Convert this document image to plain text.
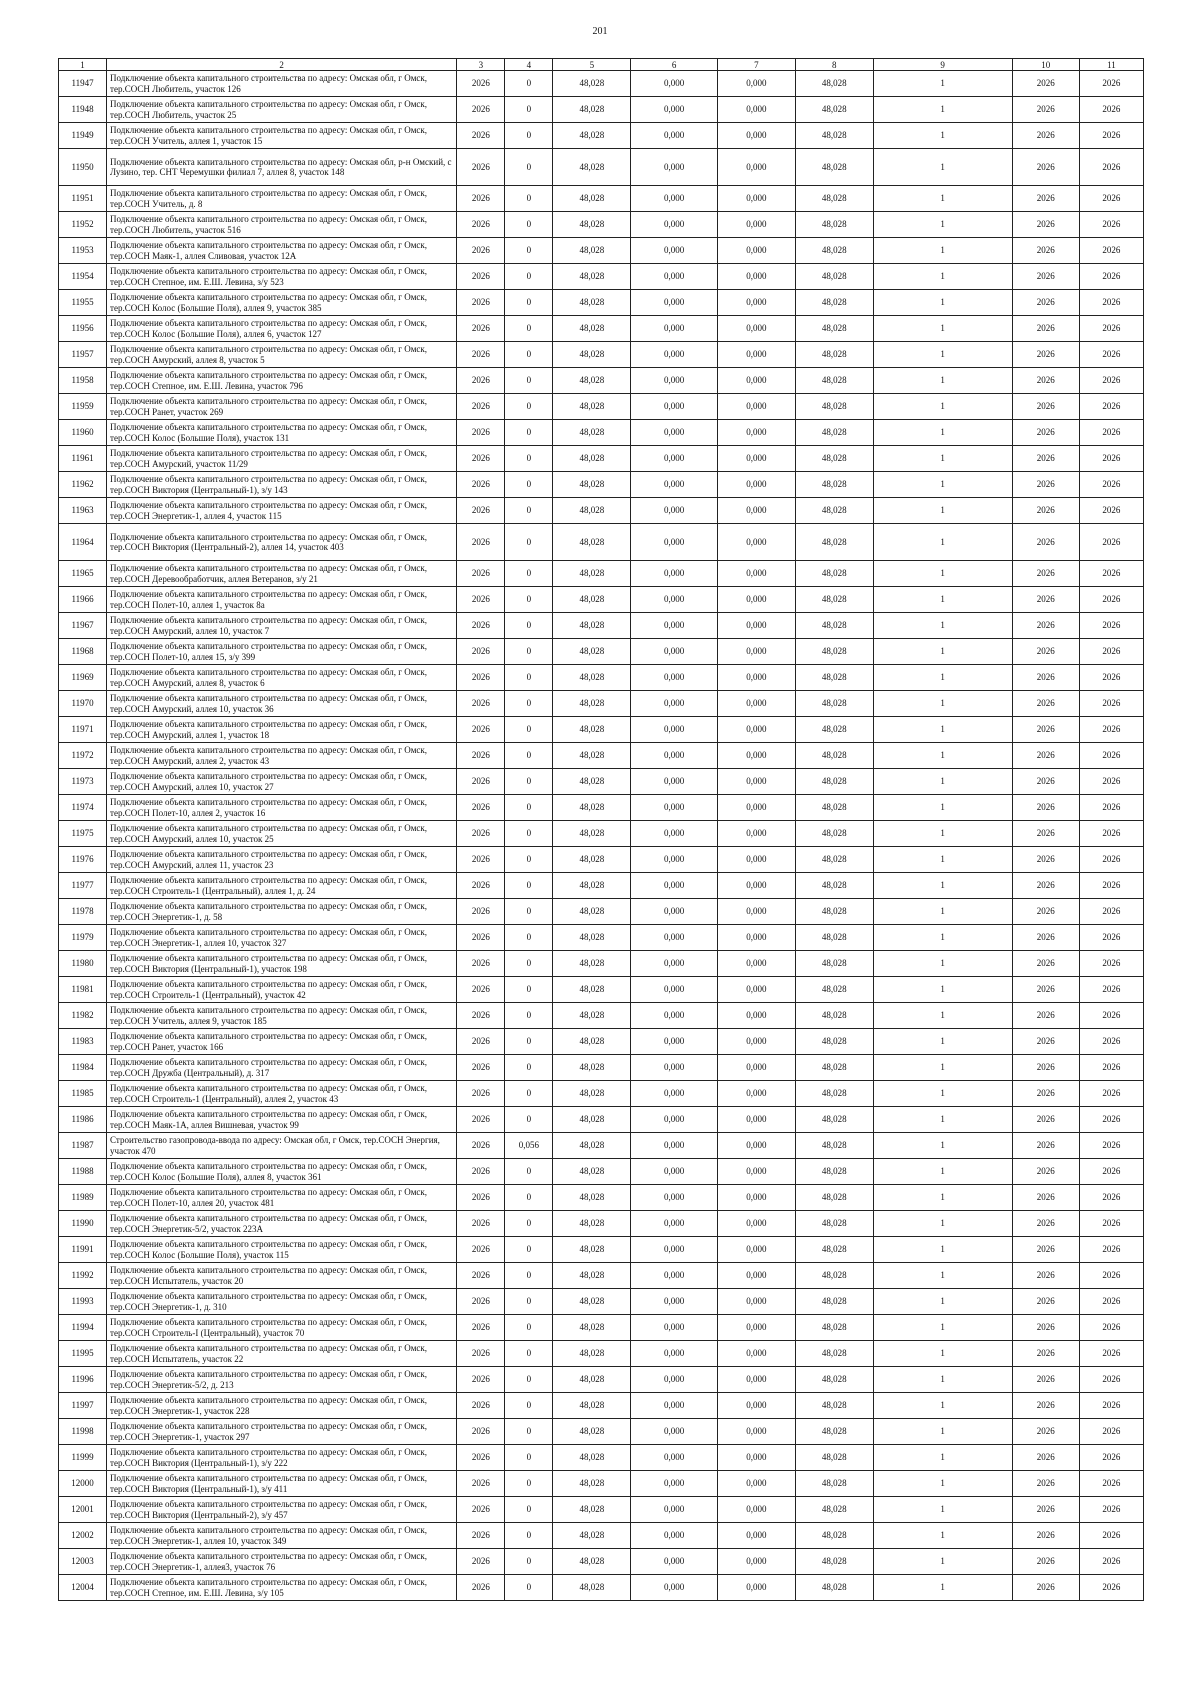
201
1	2	3	4	5	6	7	8	9	10	11
11947	Подключение объекта капитального строительства по адресу: Омская обл, г Омск, тер.СОСН Любитель, участок 126	2026	0	48,028	0,000	0,000	48,028	1	2026	2026
11948	Подключение объекта капитального строительства по адресу: Омская обл, г Омск, тер.СОСН Любитель, участок 25	2026	0	48,028	0,000	0,000	48,028	1	2026	2026
11949	Подключение объекта капитального строительства по адресу: Омская обл, г Омск, тер.СОСН Учитель, аллея 1, участок 15	2026	0	48,028	0,000	0,000	48,028	1	2026	2026
11950	Подключение объекта капитального строительства по адресу: Омская обл, р-н Омский, с Лузино, тер. СНТ Черемушки филиал 7, аллея 8, участок 148	2026	0	48,028	0,000	0,000	48,028	1	2026	2026
11951	Подключение объекта капитального строительства по адресу: Омская обл, г Омск, тер.СОСН Учитель, д. 8	2026	0	48,028	0,000	0,000	48,028	1	2026	2026
11952	Подключение объекта капитального строительства по адресу: Омская обл, г Омск, тер.СОСН Любитель, участок 516	2026	0	48,028	0,000	0,000	48,028	1	2026	2026
11953	Подключение объекта капитального строительства по адресу: Омская обл, г Омск, тер.СОСН Маяк-1, аллея Сливовая, участок 12А	2026	0	48,028	0,000	0,000	48,028	1	2026	2026
11954	Подключение объекта капитального строительства по адресу: Омская обл, г Омск, тер.СОСН Степное, им. Е.Ш. Левина, з/у 523	2026	0	48,028	0,000	0,000	48,028	1	2026	2026
11955	Подключение объекта капитального строительства по адресу: Омская обл, г Омск, тер.СОСН Колос (Большие Поля), аллея 9, участок 385	2026	0	48,028	0,000	0,000	48,028	1	2026	2026
11956	Подключение объекта капитального строительства по адресу: Омская обл, г Омск, тер.СОСН Колос (Большие Поля), аллея 6, участок 127	2026	0	48,028	0,000	0,000	48,028	1	2026	2026
11957	Подключение объекта капитального строительства по адресу: Омская обл, г Омск, тер.СОСН Амурский, аллея 8, участок 5	2026	0	48,028	0,000	0,000	48,028	1	2026	2026
11958	Подключение объекта капитального строительства по адресу: Омская обл, г Омск, тер.СОСН Степное, им. Е.Ш. Левина, участок 796	2026	0	48,028	0,000	0,000	48,028	1	2026	2026
11959	Подключение объекта капитального строительства по адресу: Омская обл, г Омск, тер.СОСН Ранет, участок 269	2026	0	48,028	0,000	0,000	48,028	1	2026	2026
11960	Подключение объекта капитального строительства по адресу: Омская обл, г Омск, тер.СОСН Колос (Большие Поля), участок 131	2026	0	48,028	0,000	0,000	48,028	1	2026	2026
11961	Подключение объекта капитального строительства по адресу: Омская обл, г Омск, тер.СОСН Амурский, участок 11/29	2026	0	48,028	0,000	0,000	48,028	1	2026	2026
11962	Подключение объекта капитального строительства по адресу: Омская обл, г Омск, тер.СОСН Виктория (Центральный-1), з/у 143	2026	0	48,028	0,000	0,000	48,028	1	2026	2026
11963	Подключение объекта капитального строительства по адресу: Омская обл, г Омск, тер.СОСН Энергетик-1, аллея 4, участок 115	2026	0	48,028	0,000	0,000	48,028	1	2026	2026
11964	Подключение объекта капитального строительства по адресу: Омская обл, г Омск, тер.СОСН Виктория (Центральный-2), аллея 14, участок 403	2026	0	48,028	0,000	0,000	48,028	1	2026	2026
11965	Подключение объекта капитального строительства по адресу: Омская обл, г Омск, тер.СОСН Деревообработчик, аллея Ветеранов, з/у 21	2026	0	48,028	0,000	0,000	48,028	1	2026	2026
11966	Подключение объекта капитального строительства по адресу: Омская обл, г Омск, тер.СОСН Полет-10, аллея 1, участок 8а	2026	0	48,028	0,000	0,000	48,028	1	2026	2026
11967	Подключение объекта капитального строительства по адресу: Омская обл, г Омск, тер.СОСН Амурский, аллея 10, участок 7	2026	0	48,028	0,000	0,000	48,028	1	2026	2026
11968	Подключение объекта капитального строительства по адресу: Омская обл, г Омск, тер.СОСН Полет-10, аллея 15, з/у 399	2026	0	48,028	0,000	0,000	48,028	1	2026	2026
11969	Подключение объекта капитального строительства по адресу: Омская обл, г Омск, тер.СОСН Амурский, аллея 8, участок 6	2026	0	48,028	0,000	0,000	48,028	1	2026	2026
11970	Подключение объекта капитального строительства по адресу: Омская обл, г Омск, тер.СОСН Амурский, аллея 10, участок 36	2026	0	48,028	0,000	0,000	48,028	1	2026	2026
11971	Подключение объекта капитального строительства по адресу: Омская обл, г Омск, тер.СОСН Амурский, аллея 1, участок 18	2026	0	48,028	0,000	0,000	48,028	1	2026	2026
11972	Подключение объекта капитального строительства по адресу: Омская обл, г Омск, тер.СОСН Амурский, аллея 2, участок 43	2026	0	48,028	0,000	0,000	48,028	1	2026	2026
11973	Подключение объекта капитального строительства по адресу: Омская обл, г Омск, тер.СОСН Амурский, аллея 10, участок 27	2026	0	48,028	0,000	0,000	48,028	1	2026	2026
11974	Подключение объекта капитального строительства по адресу: Омская обл, г Омск, тер.СОСН Полет-10, аллея 2, участок 16	2026	0	48,028	0,000	0,000	48,028	1	2026	2026
11975	Подключение объекта капитального строительства по адресу: Омская обл, г Омск, тер.СОСН Амурский, аллея 10, участок 25	2026	0	48,028	0,000	0,000	48,028	1	2026	2026
11976	Подключение объекта капитального строительства по адресу: Омская обл, г Омск, тер.СОСН Амурский, аллея 11, участок 23	2026	0	48,028	0,000	0,000	48,028	1	2026	2026
11977	Подключение объекта капитального строительства по адресу: Омская обл, г Омск, тер.СОСН Строитель-1 (Центральный), аллея 1, д. 24	2026	0	48,028	0,000	0,000	48,028	1	2026	2026
11978	Подключение объекта капитального строительства по адресу: Омская обл, г Омск, тер.СОСН Энергетик-1, д. 58	2026	0	48,028	0,000	0,000	48,028	1	2026	2026
11979	Подключение объекта капитального строительства по адресу: Омская обл, г Омск, тер.СОСН Энергетик-1, аллея 10, участок 327	2026	0	48,028	0,000	0,000	48,028	1	2026	2026
11980	Подключение объекта капитального строительства по адресу: Омская обл, г Омск, тер.СОСН Виктория (Центральный-1), участок 198	2026	0	48,028	0,000	0,000	48,028	1	2026	2026
11981	Подключение объекта капитального строительства по адресу: Омская обл, г Омск, тер.СОСН Строитель-1 (Центральный), участок 42	2026	0	48,028	0,000	0,000	48,028	1	2026	2026
11982	Подключение объекта капитального строительства по адресу: Омская обл, г Омск, тер.СОСН Учитель, аллея 9, участок 185	2026	0	48,028	0,000	0,000	48,028	1	2026	2026
11983	Подключение объекта капитального строительства по адресу: Омская обл, г Омск, тер.СОСН Ранет, участок 166	2026	0	48,028	0,000	0,000	48,028	1	2026	2026
11984	Подключение объекта капитального строительства по адресу: Омская обл, г Омск, тер.СОСН Дружба (Центральный), д. 317	2026	0	48,028	0,000	0,000	48,028	1	2026	2026
11985	Подключение объекта капитального строительства по адресу: Омская обл, г Омск, тер.СОСН Строитель-1 (Центральный), аллея 2, участок 43	2026	0	48,028	0,000	0,000	48,028	1	2026	2026
11986	Подключение объекта капитального строительства по адресу: Омская обл, г Омск, тер.СОСН Маяк-1А, аллея Вишневая, участок 99	2026	0	48,028	0,000	0,000	48,028	1	2026	2026
11987	Строительство газопровода-ввода по адресу: Омская обл, г Омск, тер.СОСН Энергия, участок 470	2026	0,056	48,028	0,000	0,000	48,028	1	2026	2026
11988	Подключение объекта капитального строительства по адресу: Омская обл, г Омск, тер.СОСН Колос (Большие Поля), аллея 8, участок 361	2026	0	48,028	0,000	0,000	48,028	1	2026	2026
11989	Подключение объекта капитального строительства по адресу: Омская обл, г Омск, тер.СОСН Полет-10, аллея 20, участок 481	2026	0	48,028	0,000	0,000	48,028	1	2026	2026
11990	Подключение объекта капитального строительства по адресу: Омская обл, г Омск, тер.СОСН Энергетик-5/2, участок 223А	2026	0	48,028	0,000	0,000	48,028	1	2026	2026
11991	Подключение объекта капитального строительства по адресу: Омская обл, г Омск, тер.СОСН Колос (Большие Поля), участок 115	2026	0	48,028	0,000	0,000	48,028	1	2026	2026
11992	Подключение объекта капитального строительства по адресу: Омская обл, г Омск, тер.СОСН Испытатель, участок 20	2026	0	48,028	0,000	0,000	48,028	1	2026	2026
11993	Подключение объекта капитального строительства по адресу: Омская обл, г Омск, тер.СОСН Энергетик-1, д. 310	2026	0	48,028	0,000	0,000	48,028	1	2026	2026
11994	Подключение объекта капитального строительства по адресу: Омская обл, г Омск, тер.СОСН Строитель-I (Центральный), участок 70	2026	0	48,028	0,000	0,000	48,028	1	2026	2026
11995	Подключение объекта капитального строительства по адресу: Омская обл, г Омск, тер.СОСН Испытатель, участок 22	2026	0	48,028	0,000	0,000	48,028	1	2026	2026
11996	Подключение объекта капитального строительства по адресу: Омская обл, г Омск, тер.СОСН Энергетик-5/2, д. 213	2026	0	48,028	0,000	0,000	48,028	1	2026	2026
11997	Подключение объекта капитального строительства по адресу: Омская обл, г Омск, тер.СОСН Энергетик-1, участок 228	2026	0	48,028	0,000	0,000	48,028	1	2026	2026
11998	Подключение объекта капитального строительства по адресу: Омская обл, г Омск, тер.СОСН Энергетик-1, участок 297	2026	0	48,028	0,000	0,000	48,028	1	2026	2026
11999	Подключение объекта капитального строительства по адресу: Омская обл, г Омск, тер.СОСН Виктория (Центральный-1), з/у 222	2026	0	48,028	0,000	0,000	48,028	1	2026	2026
12000	Подключение объекта капитального строительства по адресу: Омская обл, г Омск, тер.СОСН Виктория (Центральный-1), з/у 411	2026	0	48,028	0,000	0,000	48,028	1	2026	2026
12001	Подключение объекта капитального строительства по адресу: Омская обл, г Омск, тер.СОСН Виктория (Центральный-2), з/у 457	2026	0	48,028	0,000	0,000	48,028	1	2026	2026
12002	Подключение объекта капитального строительства по адресу: Омская обл, г Омск, тер.СОСН Энергетик-1, аллея 10, участок 349	2026	0	48,028	0,000	0,000	48,028	1	2026	2026
12003	Подключение объекта капитального строительства по адресу: Омская обл, г Омск, тер.СОСН Энергетик-1, аллея3, участок 76	2026	0	48,028	0,000	0,000	48,028	1	2026	2026
12004	Подключение объекта капитального строительства по адресу: Омская обл, г Омск, тер.СОСН Степное, им. Е.Ш. Левина, з/у 105	2026	0	48,028	0,000	0,000	48,028	1	2026	2026
